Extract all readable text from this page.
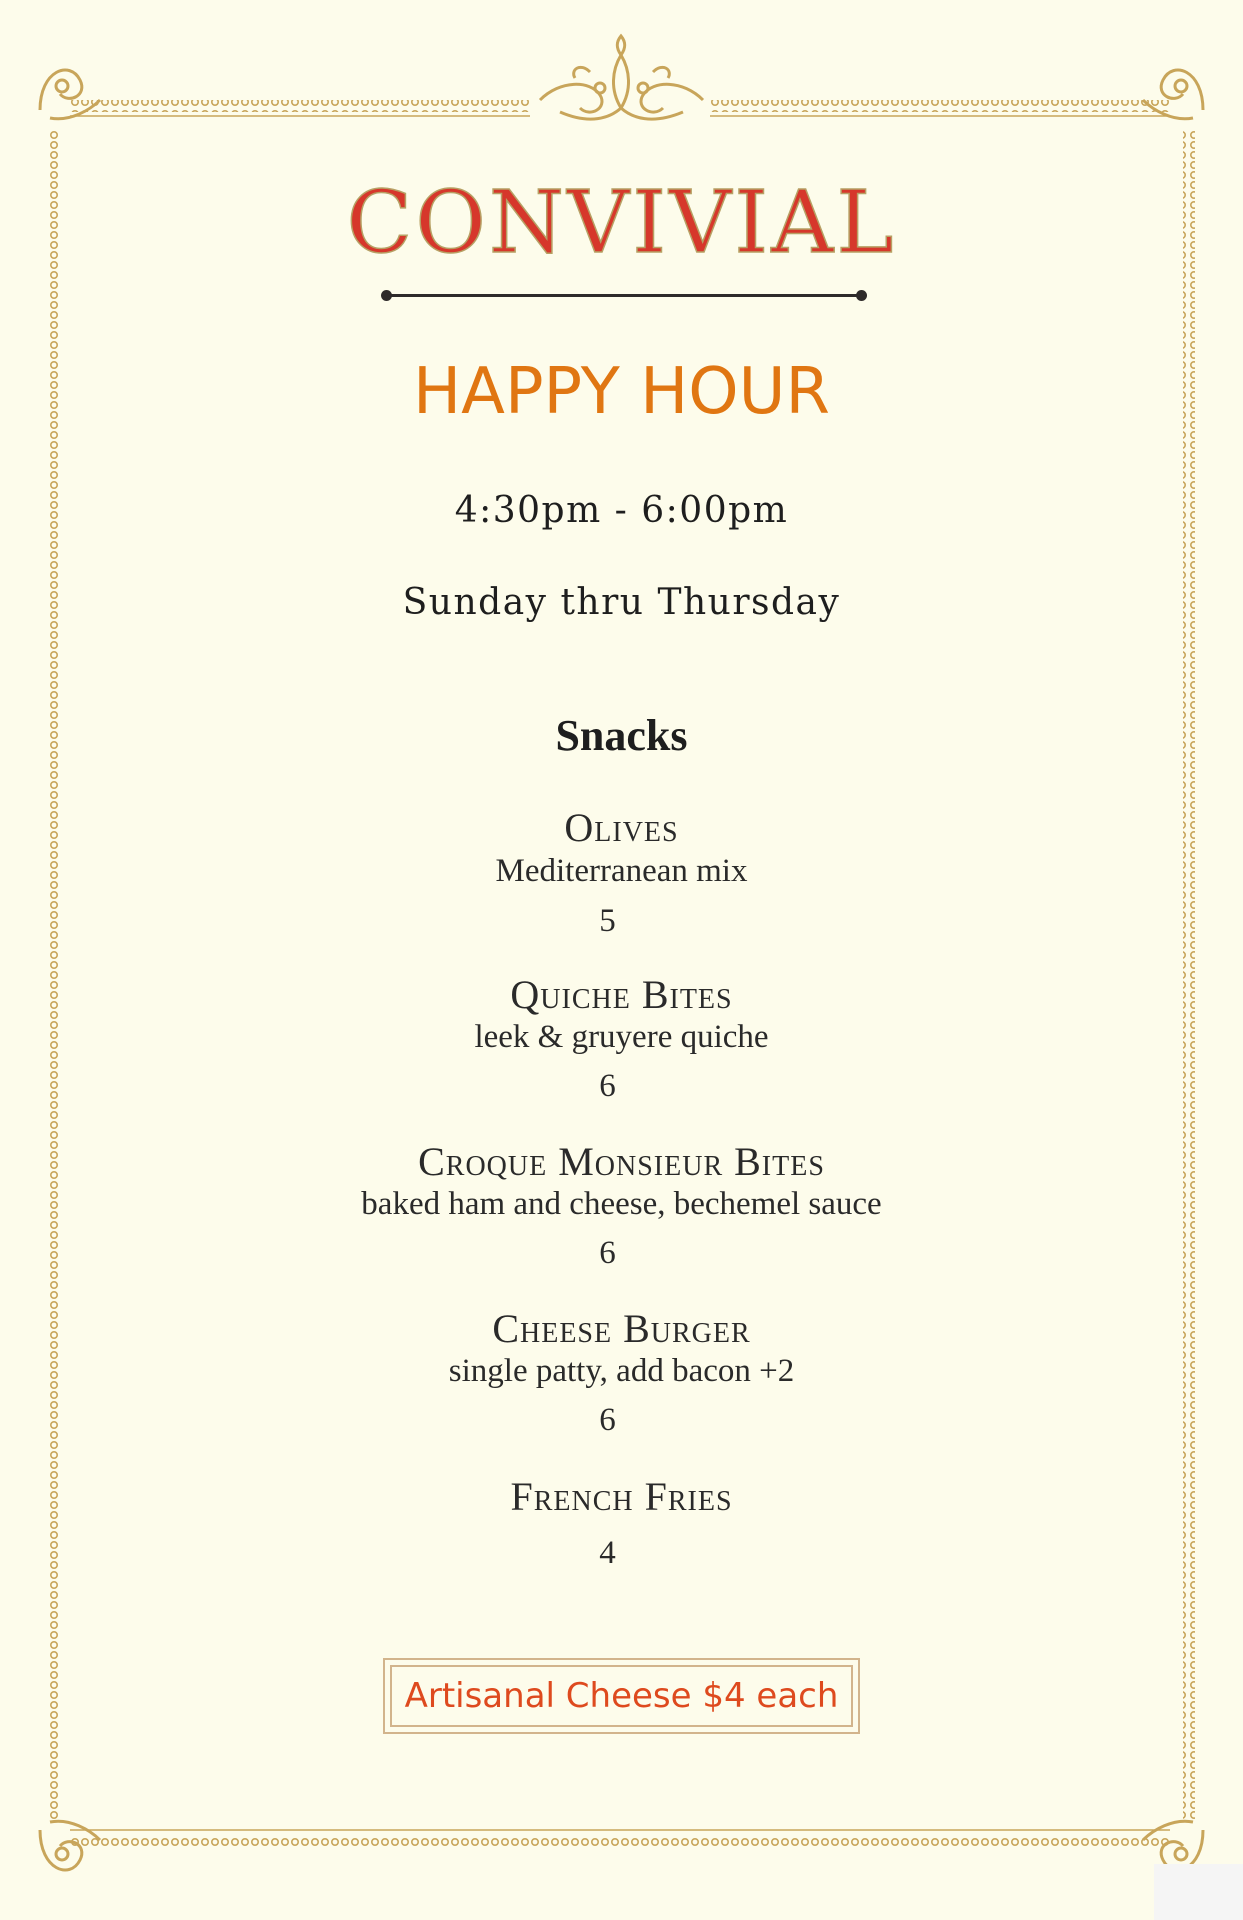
CONVIVIAL
HAPPY HOUR
4:30pm - 6:00pm
Sunday thru Thursday
Snacks
Olives
Mediterranean mix
5
Quiche Bites
leek & gruyere quiche
6
Croque Monsieur Bites
baked ham and cheese, bechemel sauce
6
Cheese Burger
single patty, add bacon +2
6
French Fries
4
Artisanal Cheese $4 each
